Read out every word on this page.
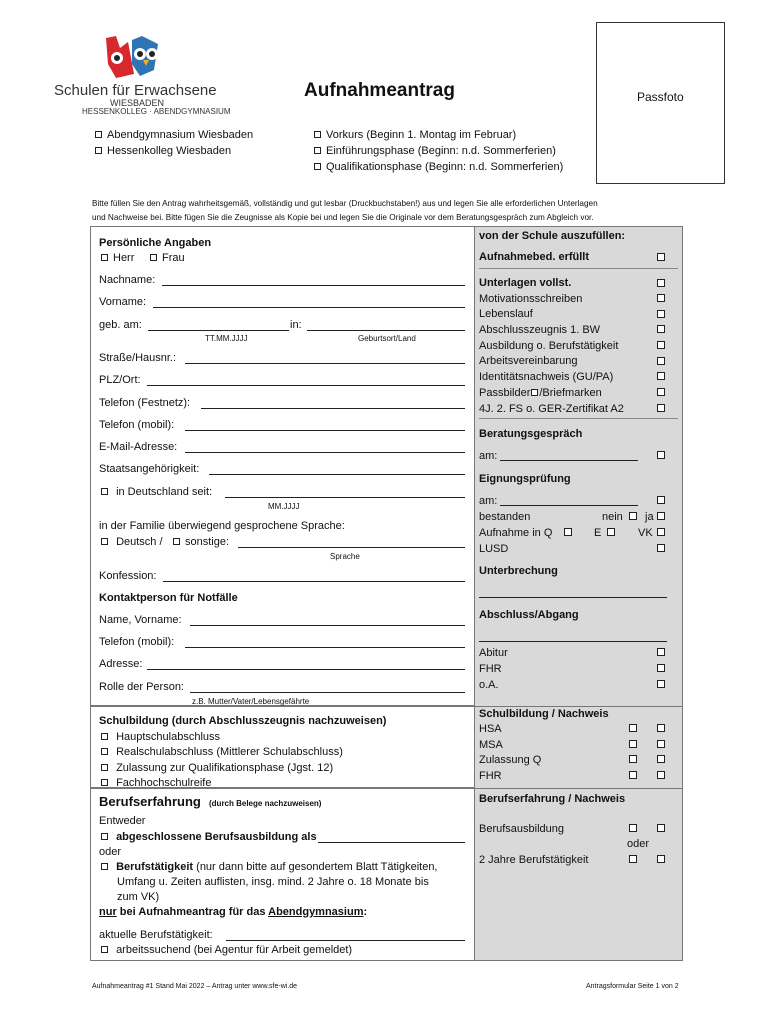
Schulen für Erwachsene
WIESBADEN
HESSENKOLLEG · ABENDGYMNASIUM
Aufnahmeantrag	Passfoto
Abendgymnasium Wiesbaden
Hessenkolleg Wiesbaden
Vorkurs (Beginn 1. Montag im Februar)
Einführungsphase (Beginn: n.d. Sommerferien)
Qualifikationsphase (Beginn: n.d. Sommerferien)
Bitte füllen Sie den Antrag wahrheitsgemäß, vollständig und gut lesbar (Druckbuchstaben!) aus und legen Sie alle erforderlichen Unterlagen
und Nachweise bei. Bitte fügen Sie die Zeugnisse als Kopie bei und legen Sie die Originale vor dem Beratungsgespräch zum Abgleich vor.
Persönliche Angaben
Herr	Frau
Nachname:
Vorname:
geb. am:	in:
TT.MM.JJJJ	Geburtsort/Land
Straße/Hausnr.:
PLZ/Ort:
Telefon (Festnetz):
Telefon (mobil):
E-Mail-Adresse:
Staatsangehörigkeit:
in Deutschland seit:
MM.JJJJ
in der Familie überwiegend gesprochene Sprache:
Deutsch /	sonstige:
Sprache
Konfession:
Kontaktperson für Notfälle
Name, Vorname:
Telefon (mobil):
Adresse:
Rolle der Person:
z.B. Mutter/Vater/Lebensgefährte
Schulbildung (durch Abschlusszeugnis nachzuweisen)
Hauptschulabschluss
Realschulabschluss (Mittlerer Schulabschluss)
Zulassung zur Qualifikationsphase (Jgst. 12)
Fachhochschulreife
Berufserfahrung (durch Belege nachzuweisen)
Entweder
abgeschlossene Berufsausbildung als
oder
Berufstätigkeit (nur dann bitte auf gesondertem Blatt Tätigkeiten,
Umfang u. Zeiten auflisten, insg. mind. 2 Jahre o. 18 Monate bis
zum VK)
nur bei Aufnahmeantrag für das Abendgymnasium:
aktuelle Berufstätigkeit:
arbeitssuchend (bei Agentur für Arbeit gemeldet)
von der Schule auszufüllen:
Aufnahmebed. erfüllt
Unterlagen vollst.
Motivationsschreiben
Lebenslauf
Abschlusszeugnis 1. BW
Ausbildung o. Berufstätigkeit
Arbeitsvereinbarung
Identitätsnachweis (GU/PA)
Passbilder /Briefmarken
4J. 2. FS o. GER-Zertifikat A2
Beratungsgespräch
am:
Eignungsprüfung
am:
bestanden	nein ja
Aufnahme in Q	E	VK
LUSD
Unterbrechung
Abschluss/Abgang
Abitur
FHR
o.A.
Schulbildung / Nachweis
HSA
MSA
Zulassung Q
FHR
Berufserfahrung / Nachweis
Berufsausbildung
oder
2 Jahre Berufstätigkeit
Aufnahmeantrag #1 Stand Mai 2022 – Antrag unter www.sfe-wi.de	Antragsformular Seite 1 von 2
